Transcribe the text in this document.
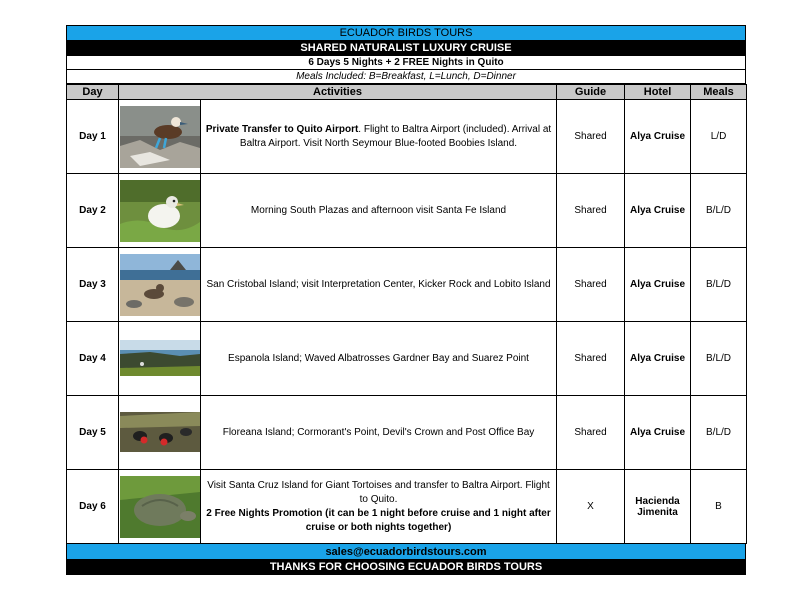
ECUADOR BIRDS TOURS
SHARED NATURALIST LUXURY CRUISE
6 Days 5 Nights + 2 FREE Nights in Quito
Meals Included: B=Breakfast, L=Lunch, D=Dinner
Day	Activities		Guide	Hotel	Meals
Day 1		Private Transfer to Quito Airport. Flight to Baltra Airport (included). Arrival at Baltra Airport. Visit North Seymour Blue-footed Boobies Island.	Shared	Alya Cruise	L/D
Day 2		Morning South Plazas and afternoon visit Santa Fe Island	Shared	Alya Cruise	B/L/D
Day 3		San Cristobal Island; visit Interpretation Center, Kicker Rock and Lobito Island	Shared	Alya Cruise	B/L/D
Day 4		Espanola Island; Waved Albatrosses Gardner Bay and Suarez Point	Shared	Alya Cruise	B/L/D
Day 5		Floreana Island; Cormorant's Point, Devil's Crown and Post Office Bay	Shared	Alya Cruise	B/L/D
Day 6		Visit Santa Cruz Island for Giant Tortoises and transfer to Baltra Airport. Flight to Quito.
2 Free Nights Promotion (it can be 1 night before cruise and 1 night after cruise or both nights together)	X	Hacienda Jimenita	B
sales@ecuadorbirdstours.com
THANKS FOR CHOOSING ECUADOR BIRDS TOURS
